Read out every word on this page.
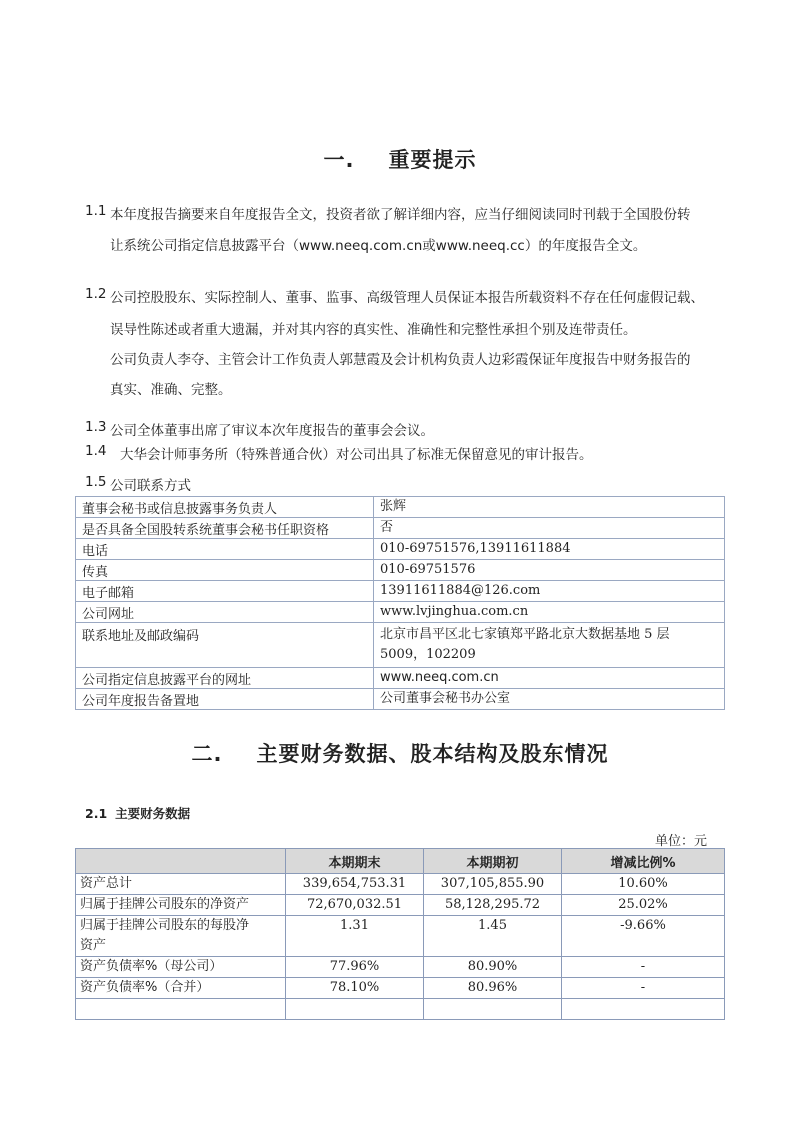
一. 重要提示
1.1 本年度报告摘要来自年度报告全文，投资者欲了解详细内容，应当仔细阅读同时刊载于全国股份转
让系统公司指定信息披露平台（www.neeq.com.cn或www.neeq.cc）的年度报告全文。
1.2 公司控股股东、实际控制人、董事、监事、高级管理人员保证本报告所载资料不存在任何虚假记载、
误导性陈述或者重大遗漏，并对其内容的真实性、准确性和完整性承担个别及连带责任。
公司负责人李夺、主管会计工作负责人郭慧霞及会计机构负责人边彩霞保证年度报告中财务报告的
真实、准确、完整。
1.3 公司全体董事出席了审议本次年度报告的董事会会议。
1.4 大华会计师事务所（特殊普通合伙）对公司出具了标准无保留意见的审计报告。
1.5 公司联系方式
董事会秘书或信息披露事务负责人	张辉
是否具备全国股转系统董事会秘书任职资格	否
电话	010-69751576,13911611884
传真	010-69751576
电子邮箱	13911611884@126.com
公司网址	www.lvjinghua.com.cn
联系地址及邮政编码	北京市昌平区北七家镇郑平路北京大数据基地 5 层
5009，102209

公司指定信息披露平台的网址	www.neeq.com.cn
公司年度报告备置地	公司董事会秘书办公室
二. 主要财务数据、股本结构及股东情况
2.1 主要财务数据
单位：元
	本期期末	本期期初	增减比例%
资产总计	339,654,753.31	307,105,855.90	10.60%
归属于挂牌公司股东的净资产	72,670,032.51	58,128,295.72	25.02%

归属于挂牌公司股东的每股净
资产	1.31	1.45	-9.66%
资产负债率%（母公司）	77.96%	80.90%	-
资产负债率%（合并）	78.10%	80.96%	-
